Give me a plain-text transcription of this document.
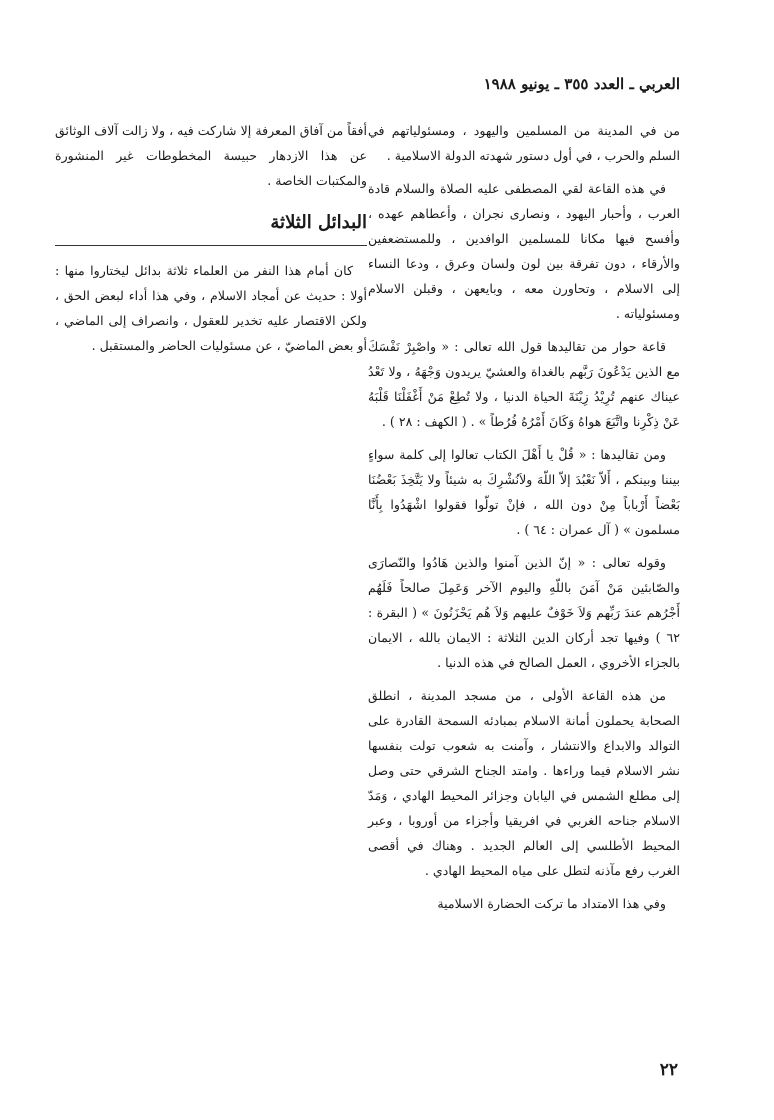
العربي ـ العدد ٣٥٥ ـ يونيو ١٩٨٨

من في المدينة من المسلمين واليهود ، ومسئولياتهم في السلم والحرب ، في أول دستور شهدته الدولة الاسلامية .

في هذه القاعة لقي المصطفى عليه الصلاة والسلام قادة العرب ، وأحبار اليهود ، ونصارى نجران ، وأعطاهم عهده ، وأفسح فيها مكانا للمسلمين الوافدين ، وللمستضعفين والأرقاء ، دون تفرقة بين لون ولسان وعرق ، ودعا النساء إلى الاسلام ، وتحاورن معه ، وبايعهن ، وقبلن الاسلام ومسئولياته .

قاعة حوار من تقاليدها قول الله تعالى : « واصْبِرْ نَفْسَكَ مع الذين يَدْعُونَ رَبَّهم بالغداة والعشيّ يريدون وَجْهَهُ ، ولا تَعْدُ عيناك عنهم تُرِيْدُ زِيْنَةَ الحياة الدنيا ، ولا تُطِعْ مَنْ أَغْفَلْنَا قَلْبَهُ عَنْ ذِكْرِنا واتَّبَعَ هواهُ وَكَانَ أَمْرُهُ فُرُطاً » . ( الكهف : ٢٨ ) .

ومن تقاليدها : « قُلْ يا أَهْلَ الكتاب تعالوا إلى كلمة سواءٍ بيننا وبينكم ، أَلاّ نَعْبُدَ إلاّ اللّهَ ولاَنُشْرِكَ به شيئاً ولا يَتَّخِذَ بَعْضُنَا بَعْضاً أَرْباباً مِنْ دون الله ، فإنْ تولّوا فقولوا اشْهَدُوا بِأَنَّا مسلمون » ( آل عمران : ٦٤ ) .

وقوله تعالى : « إنّ الذين آمنوا والذين هَادُوا والنّصارَى والصّابئين مَنْ آمَنَ باللّهِ واليوم الآخر وَعَمِلَ صالحاً فَلَهُم أَجْرُهم عندَ رَبِّهم وَلاَ خَوْفٌ عليهم وَلاَ هُم يَحْزَنُونَ » ( البقرة : ٦٢ ) وفيها تجد أركان الدين الثلاثة : الايمان بالله ، الايمان بالجزاء الأخروي ، العمل الصالح في هذه الدنيا .

من هذه القاعة الأولى ، من مسجد المدينة ، انطلق الصحابة يحملون أمانة الاسلام بمبادئه السمحة القادرة على التوالد والابداع والانتشار ، وآمنت به شعوب تولت بنفسها نشر الاسلام فيما وراءها . وامتد الجناح الشرقي حتى وصل إلى مطلع الشمس في اليابان وجزائر المحيط الهادي ، وَمَدّ الاسلام جناحه الغربي في افريقيا وأجزاء من أوروبا ، وعبر المحيط الأطلسي إلى العالم الجديد . وهناك في أقصى الغرب رفع مآذنه لتطل على مياه المحيط الهادي .

وفي هذا الامتداد ما تركت الحضارة الاسلامية

أفقاً من آفاق المعرفة إلا شاركت فيه ، ولا زالت آلاف الوثائق عن هذا الازدهار حبيسة المخطوطات غير المنشورة والمكتبات الخاصة .

البدائل الثلاثة

كان أمام هذا النفر من العلماء ثلاثة بدائل ليختاروا منها : أولا : حديث عن أمجاد الاسلام ، وفي هذا أداء لبعض الحق ، ولكن الاقتصار عليه تخدير للعقول ، وانصراف إلى الماضي ، أو بعض الماضيّ ، عن مسئوليات الحاضر والمستقبل .

٢٢
